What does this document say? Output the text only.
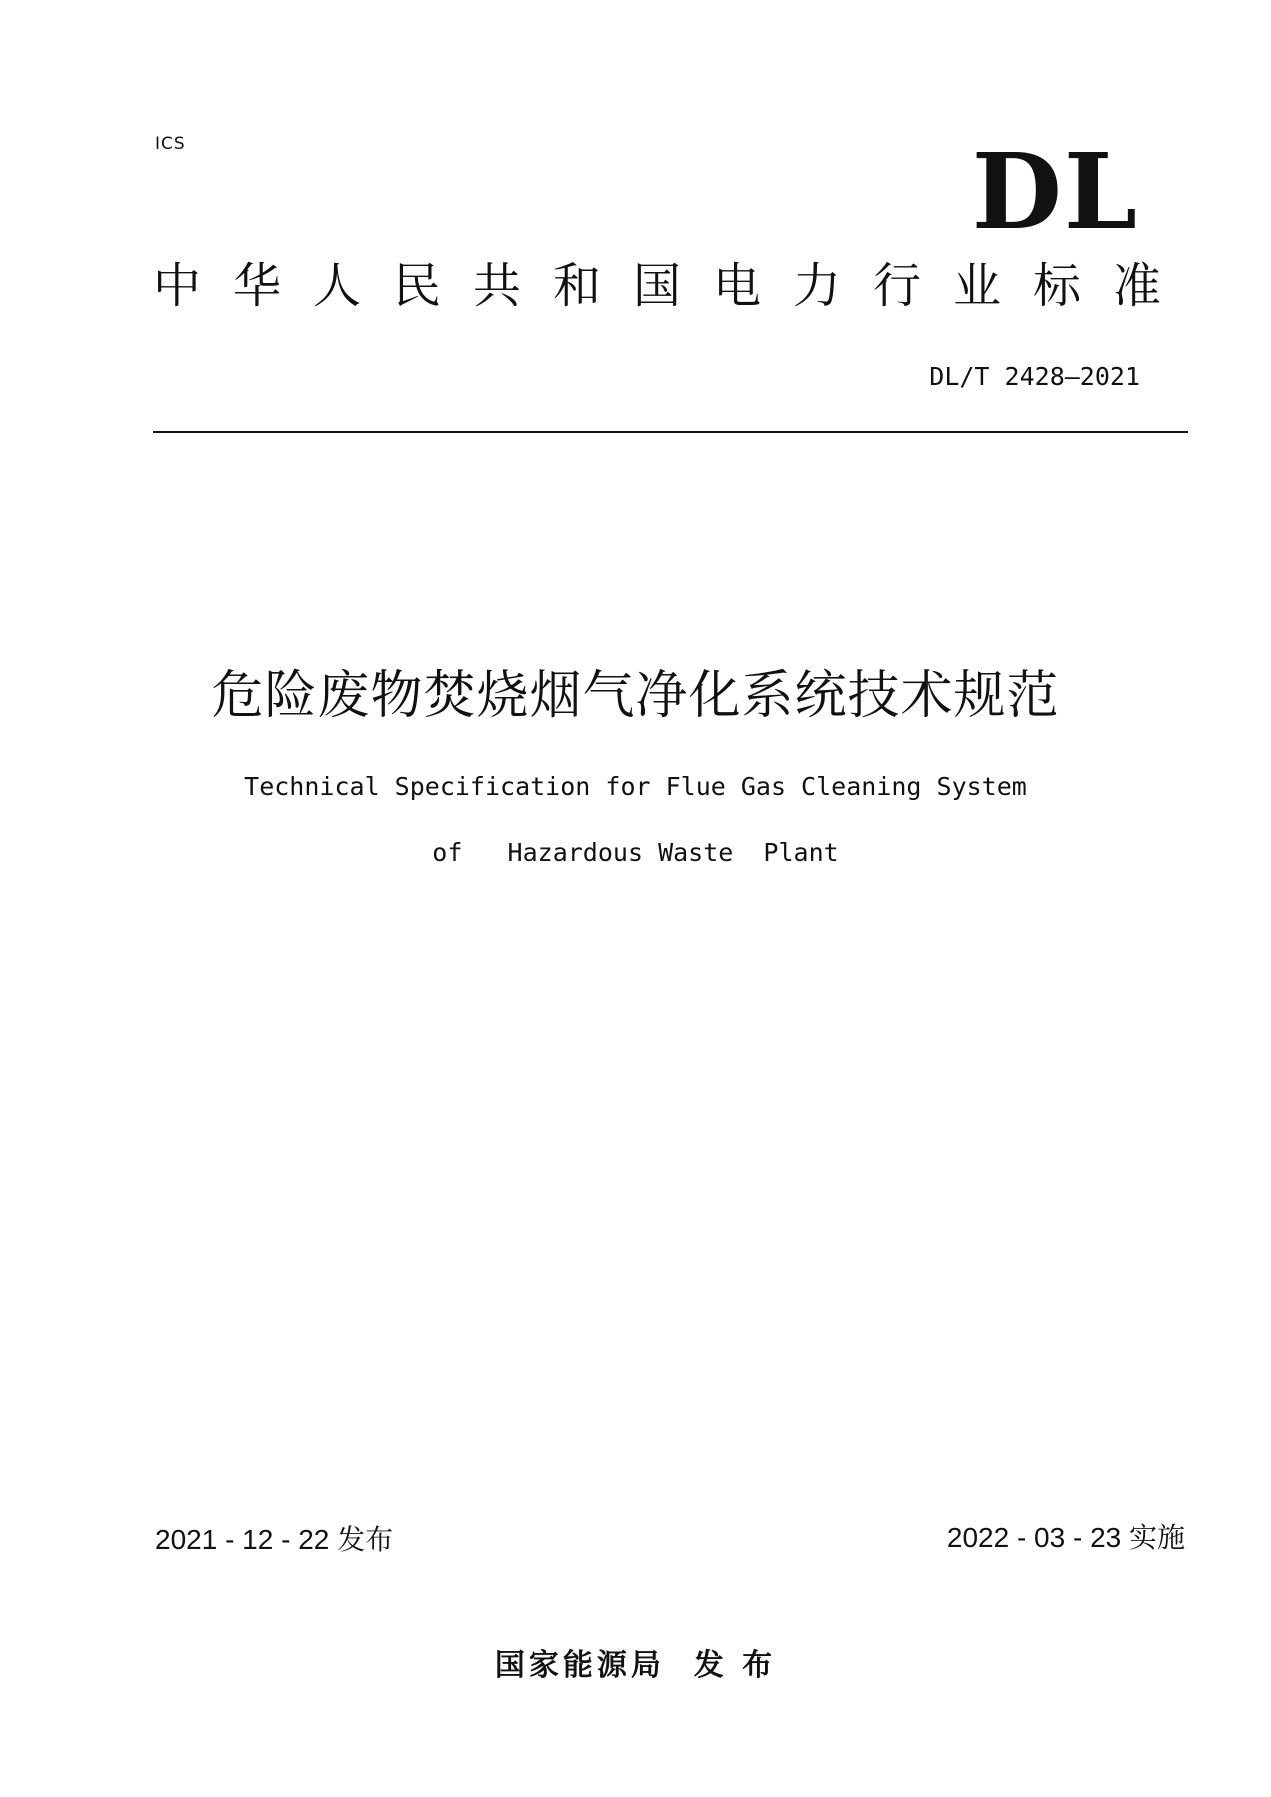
ICS	DL
中华人民共和国电力行业标准
DL/T 2428—2021
危险废物焚烧烟气净化系统技术规范
Technical Specification for Flue Gas Cleaning System
of   Hazardous Waste  Plant
2021 - 12 - 22 发布	2022 - 03 - 23 实施
国家能源局  发 布
